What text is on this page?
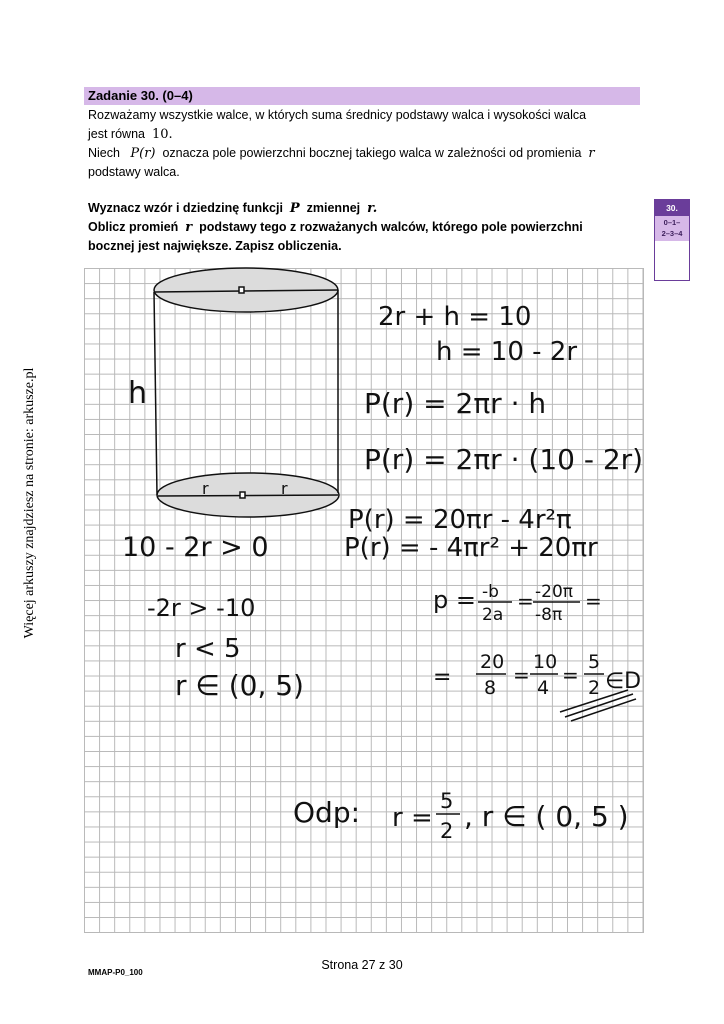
Więcej arkuszy znajdziesz na stronie: arkusze.pl
Zadanie 30. (0–4)
Rozważamy wszystkie walce, w których suma średnicy podstawy walca i wysokości walca
jest równa 10.
Niech P(r) oznacza pole powierzchni bocznej takiego walca w zależności od promienia r
podstawy walca.
Wyznacz wzór i dziedzinę funkcji P zmiennej r.
Oblicz promień r podstawy tego z rozważanych walców, którego pole powierzchni
bocznej jest największe. Zapisz obliczenia.
30.
0–1–
2–3–4
h
r	r
2r + h = 10
h = 10 - 2r
P(r) = 2πr · h
P(r) = 2πr · (10 - 2r)
P(r) = 20πr - 4r²π
P(r) = - 4πr² + 20πr
p = -b
2a
= -20π
-8π
=
=
20
8
=
10
4
=
5
2 ∈D
10 - 2r > 0
-2r > -10
r < 5
r ∈ (0, 5)
Odp: r =
5
2 , r ∈ ( 0, 5 )
Strona 27 z 30
MMAP-P0_100
